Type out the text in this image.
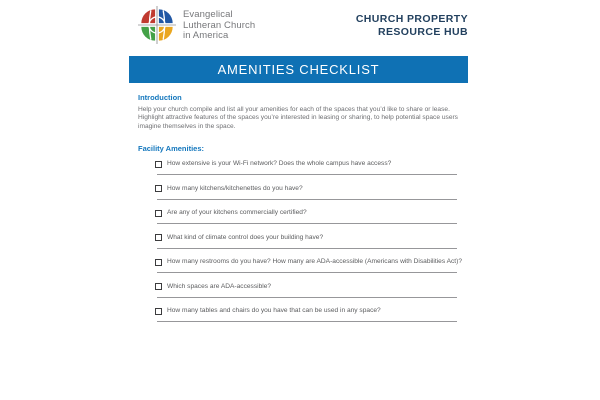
Evangelical
Lutheran Church
in America
CHURCH PROPERTY
RESOURCE HUB
AMENITIES CHECKLIST
Introduction
Help your church compile and list all your amenities for each of the spaces that you’d like to share or lease. Highlight attractive features of the spaces you’re interested in leasing or sharing, to help potential space users imagine themselves in the space.
Facility Amenities:
How extensive is your Wi-Fi network? Does the whole campus have access?
How many kitchens/kitchenettes do you have?
Are any of your kitchens commercially certified?
What kind of climate control does your building have?
How many restrooms do you have? How many are ADA-accessible (Americans with Disabilities Act)?
Which spaces are ADA-accessible?
How many tables and chairs do you have that can be used in any space?
